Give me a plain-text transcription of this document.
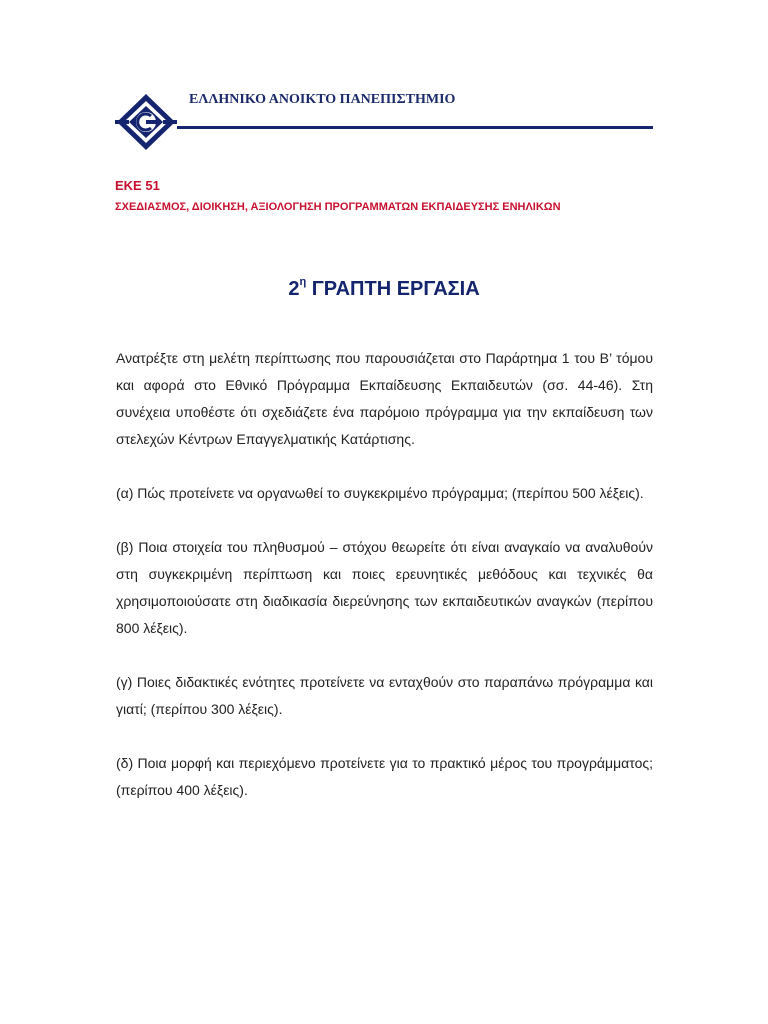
ΕΛΛΗΝΙΚΟ ΑΝΟΙΚΤΟ ΠΑΝΕΠΙΣΤΗΜΙΟ
ΕΚΕ 51
ΣΧΕΔΙΑΣΜΟΣ, ΔΙΟΙΚΗΣΗ, ΑΞΙΟΛΟΓΗΣΗ ΠΡΟΓΡΑΜΜΑΤΩΝ ΕΚΠΑΙΔΕΥΣΗΣ ΕΝΗΛΙΚΩΝ
$2^\eta$ ΓΡΑΠΤΗ ΕΡΓΑΣΙΑ

Ανατρέξτε στη μελέτη περίπτωσης που παρουσιάζεται στο Παράρτημα 1 του Β’ τόμου και αφορά στο Εθνικό Πρόγραμμα Εκπαίδευσης Εκπαιδευτών (σσ. 44-46). Στη συνέχεια υποθέστε ότι σχεδιάζετε ένα παρόμοιο πρόγραμμα για την εκπαίδευση των στελεχών Κέντρων Επαγγελματικής Κατάρτισης.

(α) Πώς προτείνετε να οργανωθεί το συγκεκριμένο πρόγραμμα; (περίπου 500 λέξεις).

(β) Ποια στοιχεία του πληθυσμού – στόχου θεωρείτε ότι είναι αναγκαίο να αναλυθούν στη συγκεκριμένη περίπτωση και ποιες ερευνητικές μεθόδους και τεχνικές θα χρησιμοποιούσατε στη διαδικασία διερεύνησης των εκπαιδευτικών αναγκών (περίπου 800 λέξεις).

(γ) Ποιες διδακτικές ενότητες προτείνετε να ενταχθούν στο παραπάνω πρόγραμμα και γιατί; (περίπου 300 λέξεις).

(δ) Ποια μορφή και περιεχόμενο προτείνετε για το πρακτικό μέρος του προγράμματος; (περίπου 400 λέξεις).
